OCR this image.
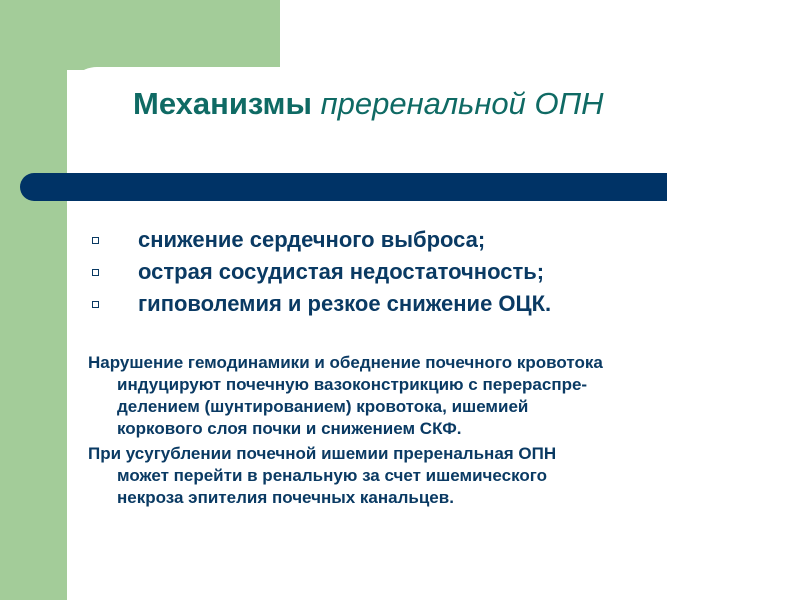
Механизмы преренальной ОПН
снижение сердечного выброса;
острая сосудистая недостаточность;
гиповолемия и резкое снижение ОЦК.

Нарушение гемодинамики и обеднение почечного кровотока
индуцируют почечную вазоконстрикцию с перераспре-
делением (шунтированием) кровотока, ишемией
коркового слоя почки и снижением СКФ.

При усугублении почечной ишемии преренальная ОПН
может перейти в ренальную за счет ишемического
некроза эпителия почечных канальцев.
